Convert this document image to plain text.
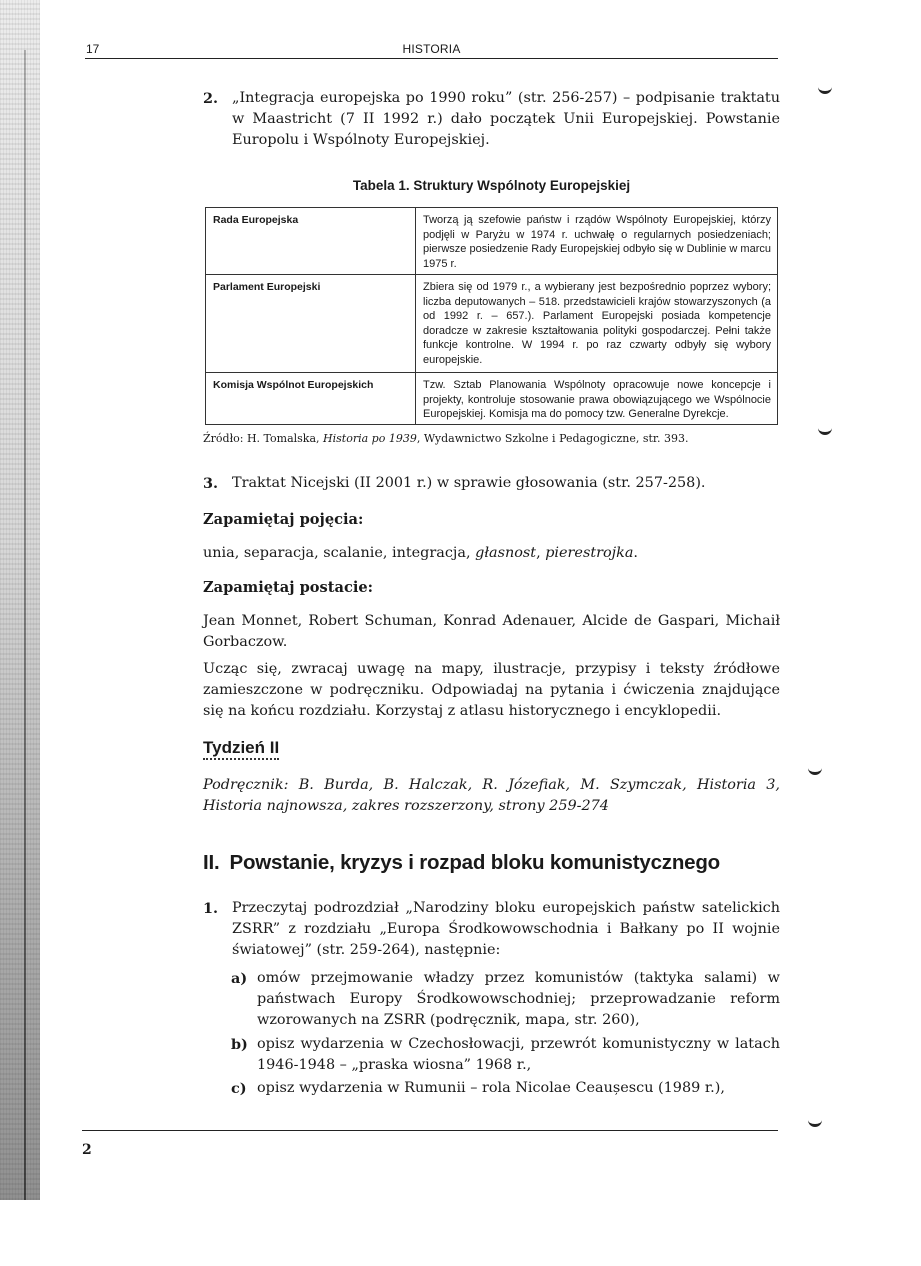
17	HISTORIA
2. „Integracja europejska po 1990 roku” (str. 256-257) – podpisanie traktatu w Maastricht (7 II 1992 r.) dało początek Unii Europejskiej. Powstanie Europolu i Wspólnoty Europejskiej.
Tabela 1. Struktury Wspólnoty Europejskiej
Rada Europejska	Tworzą ją szefowie państw i rządów Wspólnoty Europejskiej, którzy podjęli w Paryżu w 1974 r. uchwałę o regularnych posiedzeniach; pierwsze posiedzenie Rady Europejskiej odbyło się w Dublinie w marcu 1975 r.
Parlament Europejski	Zbiera się od 1979 r., a wybierany jest bezpośrednio poprzez wybory; liczba deputowanych – 518. przedstawicieli krajów stowarzyszonych (a od 1992 r. – 657.). Parlament Europejski posiada kompetencje doradcze w zakresie kształtowania polityki gospodarczej. Pełni także funkcje kontrolne. W 1994 r. po raz czwarty odbyły się wybory europejskie.
Komisja Wspólnot Europejskich	Tzw. Sztab Planowania Wspólnoty opracowuje nowe koncepcje i projekty, kontroluje stosowanie prawa obowiązującego we Wspólnocie Europejskiej. Komisja ma do pomocy tzw. Generalne Dyrekcje.
Źródło: H. Tomalska, Historia po 1939, Wydawnictwo Szkolne i Pedagogiczne, str. 393.
3. Traktat Nicejski (II 2001 r.) w sprawie głosowania (str. 257-258).
Zapamiętaj pojęcia:
unia, separacja, scalanie, integracja, głasnost, pierestrojka.
Zapamiętaj postacie:
Jean Monnet, Robert Schuman, Konrad Adenauer, Alcide de Gaspari, Michaił Gorbaczow.
Ucząc się, zwracaj uwagę na mapy, ilustracje, przypisy i teksty źródłowe zamieszczone w podręczniku. Odpowiadaj na pytania i ćwiczenia znajdujące się na końcu rozdziału. Korzystaj z atlasu historycznego i encyklopedii.
Tydzień II
Podręcznik: B. Burda, B. Halczak, R. Józefiak, M. Szymczak, Historia 3, Historia najnowsza, zakres rozszerzony, strony 259-274
II. Powstanie, kryzys i rozpad bloku komunistycznego
1. Przeczytaj podrozdział „Narodziny bloku europejskich państw satelickich ZSRR” z rozdziału „Europa Środkowowschodnia i Bałkany po II wojnie światowej” (str. 259-264), następnie:
a) omów przejmowanie władzy przez komunistów (taktyka salami) w państwach Europy Środkowowschodniej; przeprowadzanie reform wzorowanych na ZSRR (podręcznik, mapa, str. 260),
b) opisz wydarzenia w Czechosłowacji, przewrót komunistyczny w latach 1946-1948 – „praska wiosna” 1968 r.,
c) opisz wydarzenia w Rumunii – rola Nicolae Ceaușescu (1989 r.),
2
